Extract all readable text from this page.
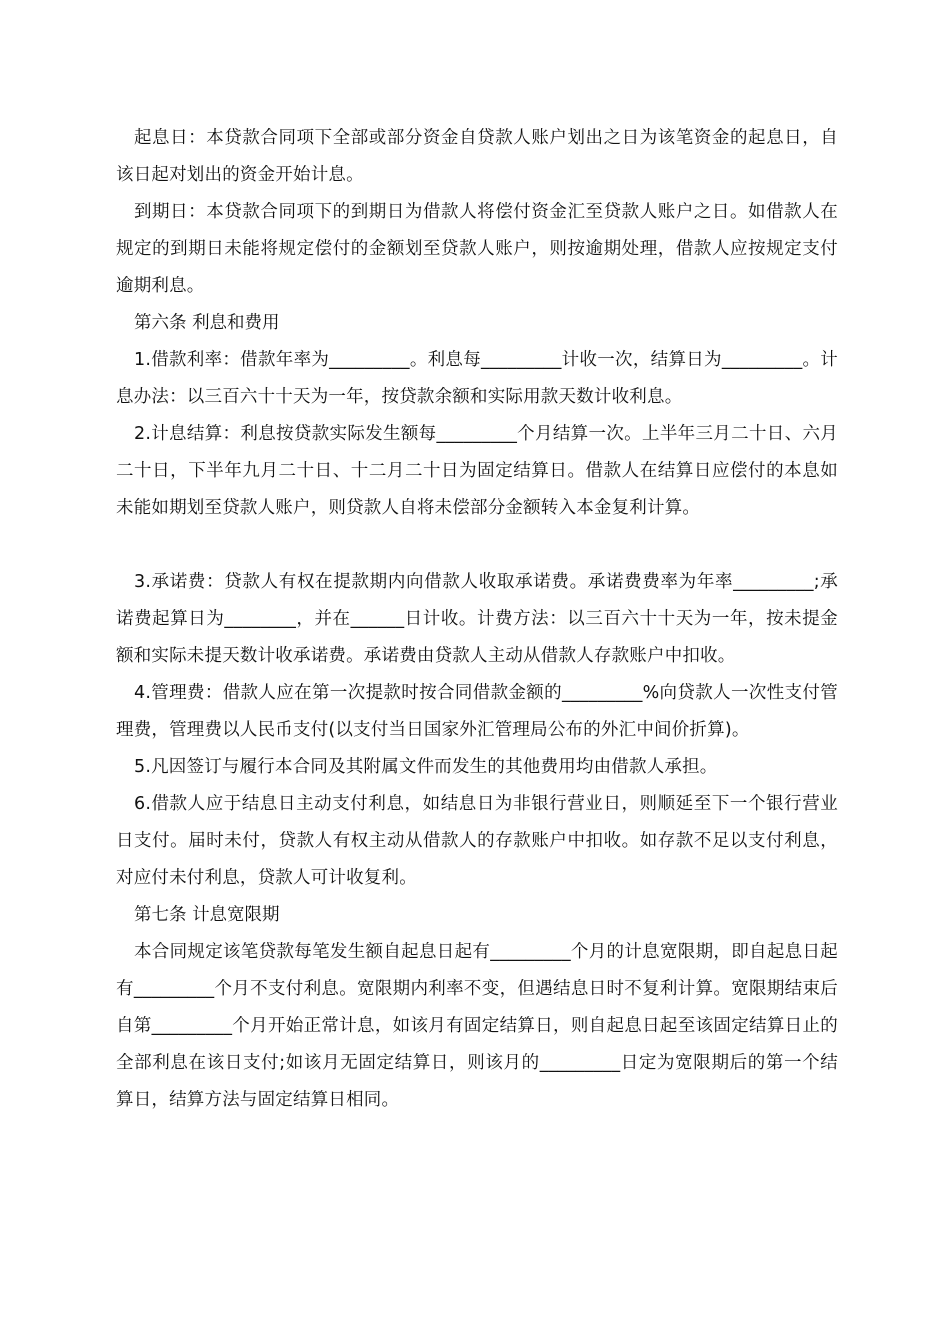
起息日：本贷款合同项下全部或部分资金自贷款人账户划出之日为该笔资金的起息日，自该日起对划出的资金开始计息。

到期日：本贷款合同项下的到期日为借款人将偿付资金汇至贷款人账户之日。如借款人在规定的到期日未能将规定偿付的金额划至贷款人账户，则按逾期处理，借款人应按规定支付逾期利息。

第六条 利息和费用

1.借款利率：借款年率为_________。利息每_________计收一次，结算日为_________。计息办法：以三百六十十天为一年，按贷款余额和实际用款天数计收利息。

2.计息结算：利息按贷款实际发生额每_________个月结算一次。上半年三月二十日、六月二十日，下半年九月二十日、十二月二十日为固定结算日。借款人在结算日应偿付的本息如未能如期划至贷款人账户，则贷款人自将未偿部分金额转入本金复利计算。

3.承诺费：贷款人有权在提款期内向借款人收取承诺费。承诺费费率为年率_________;承诺费起算日为________，并在______日计收。计费方法：以三百六十十天为一年，按未提金额和实际未提天数计收承诺费。承诺费由贷款人主动从借款人存款账户中扣收。

4.管理费：借款人应在第一次提款时按合同借款金额的_________%向贷款人一次性支付管理费，管理费以人民币支付(以支付当日国家外汇管理局公布的外汇中间价折算)。

5.凡因签订与履行本合同及其附属文件而发生的其他费用均由借款人承担。

6.借款人应于结息日主动支付利息，如结息日为非银行营业日，则顺延至下一个银行营业日支付。届时未付，贷款人有权主动从借款人的存款账户中扣收。如存款不足以支付利息，对应付未付利息，贷款人可计收复利。

第七条 计息宽限期

本合同规定该笔贷款每笔发生额自起息日起有_________个月的计息宽限期，即自起息日起有_________个月不支付利息。宽限期内利率不变，但遇结息日时不复利计算。宽限期结束后自第_________个月开始正常计息，如该月有固定结算日，则自起息日起至该固定结算日止的全部利息在该日支付;如该月无固定结算日，则该月的_________日定为宽限期后的第一个结算日，结算方法与固定结算日相同。
